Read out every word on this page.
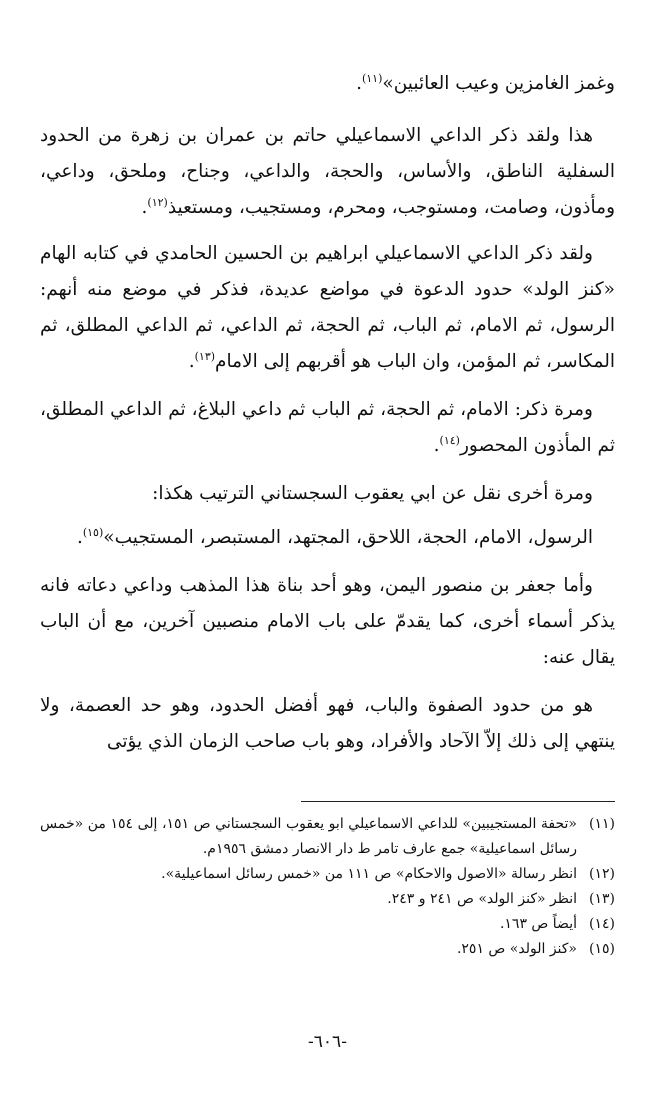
وغمز الغامزين وعيب العائبين»$^{(١١)}$.

هذا ولقد ذكر الداعي الاسماعيلي حاتم بن عمران بن زهرة من الحدود السفلية الناطق، والأساس، والحجة، والداعي، وجناح، وملحق، وداعي، ومأذون، وصامت، ومستوجب، ومحرم، ومستجيب، ومستعيذ$^{(١٢)}$.

ولقد ذكر الداعي الاسماعيلي ابراهيم بن الحسين الحامدي في كتابه الهام «كنز الولد» حدود الدعوة في مواضع عديدة، فذكر في موضع منه أنهم: الرسول، ثم الامام، ثم الباب، ثم الحجة، ثم الداعي، ثم الداعي المطلق، ثم المكاسر، ثم المؤمن، وان الباب هو أقربهم إلى الامام$^{(١٣)}$.

ومرة ذكر: الامام، ثم الحجة، ثم الباب ثم داعي البلاغ، ثم الداعي المطلق، ثم المأذون المحصور$^{(١٤)}$.

ومرة أخرى نقل عن ابي يعقوب السجستاني الترتيب هكذا:

الرسول، الامام، الحجة، اللاحق، المجتهد، المستبصر، المستجيب»$^{(١٥)}$.

وأما جعفر بن منصور اليمن، وهو أحد بناة هذا المذهب وداعي دعاته فانه يذكر أسماء أخرى، كما يقدمّ على باب الامام منصبين آخرين، مع أن الباب يقال عنه:

هو من حدود الصفوة والباب، فهو أفضل الحدود، وهو حد العصمة، ولا ينتهي إلى ذلك إلاّ الآحاد والأفراد، وهو باب صاحب الزمان الذي يؤتى

(١١)
«تحفة المستجيبين» للداعي الاسماعيلي ابو يعقوب السجستاني ص ١٥١، إلى ١٥٤ من «خمس رسائل اسماعيلية» جمع عارف تامر ط دار الانصار دمشق ١٩٥٦م.
(١٢)
انظر رسالة «الاصول والاحكام» ص ١١١ من «خمس رسائل اسماعيلية».
(١٣)
انظر «كنز الولد» ص ٢٤١ و ٢٤٣.
(١٤)
أيضاً ص ١٦٣.
(١٥)
«كنز الولد» ص ٢٥١.
-٦٠٦-
